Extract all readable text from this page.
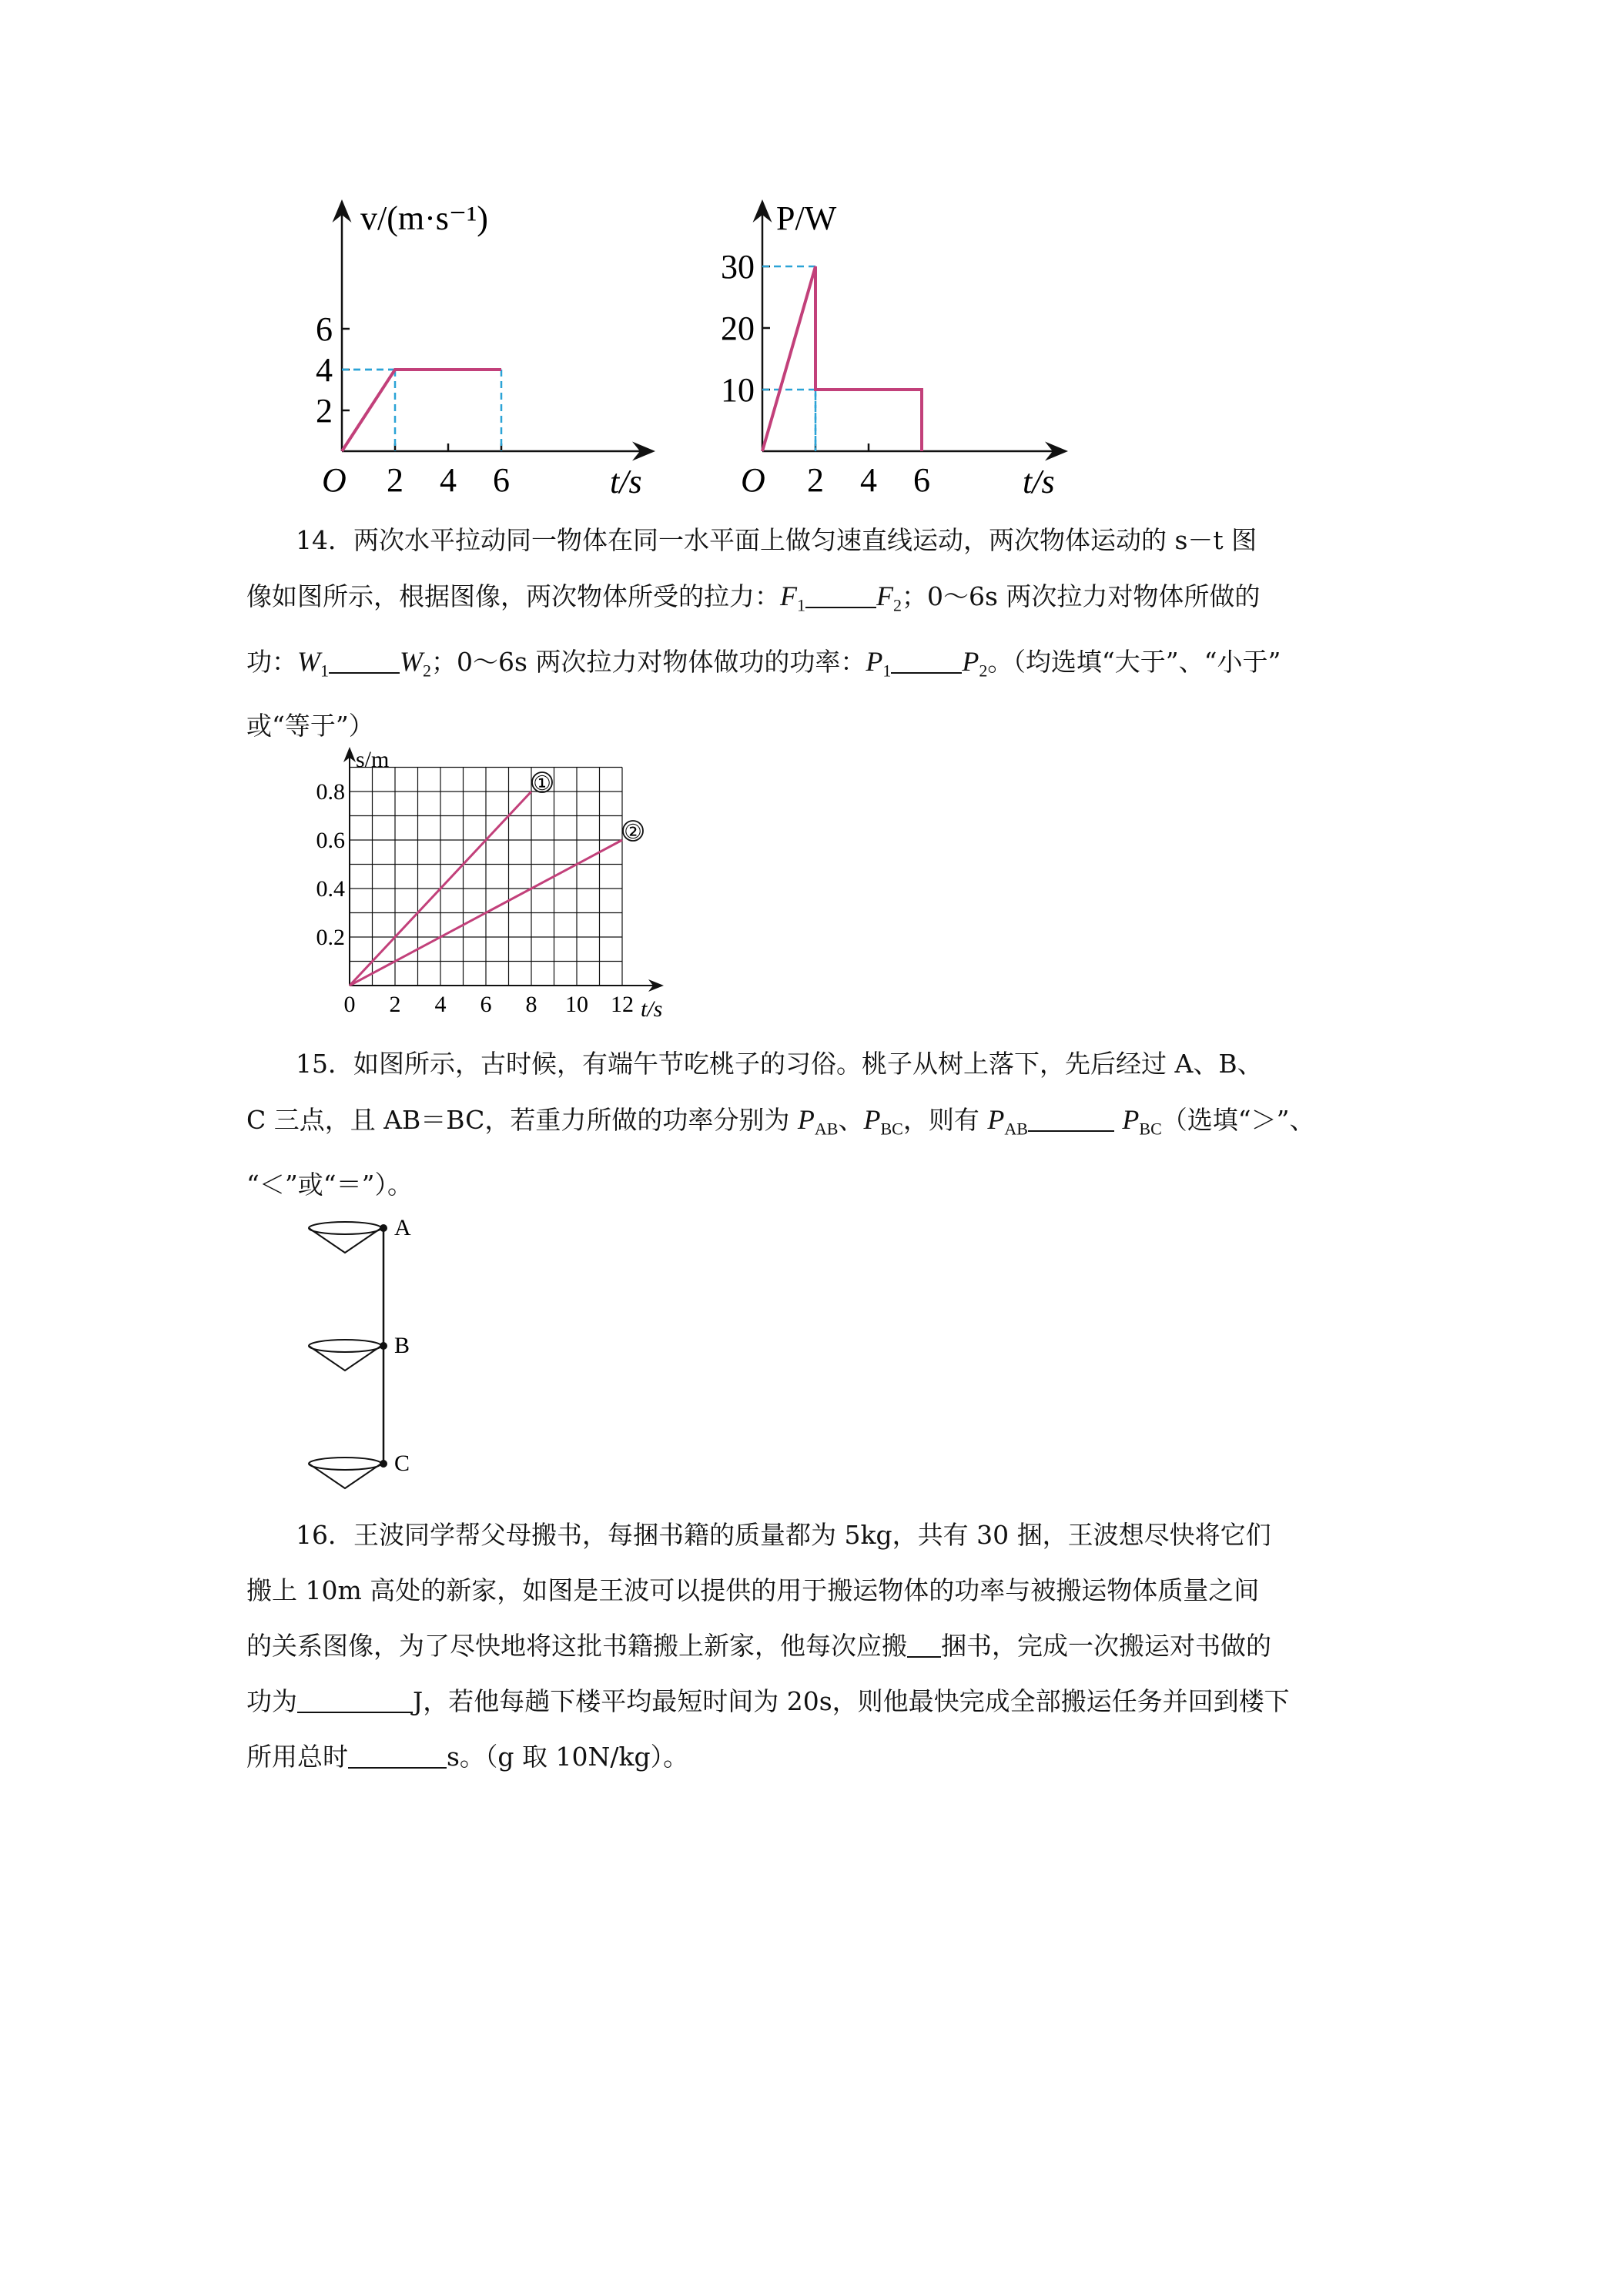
2 4 6
2
4
6
v/(m·s⁻¹)
O	t/s	2 4 6
10
20
30
P/W
O	t/s
14．两次水平拉动同一物体在同一水平面上做匀速直线运动，两次物体运动的 s－t 图
像如图所示，根据图像，两次物体所受的拉力：$F_1$	$F_2$；0～6s 两次拉力对物体所做的
功：$W_1$	$W_2$；0～6s 两次拉力对物体做功的功率：$P_1$	$P_2$。（均选填“大于”、“小于”
或“等于”）
0 2 4 6 8 10 12
0.2
0.4
0.6
0.8	①
②
s/m
t/s
15．如图所示，古时候，有端午节吃桃子的习俗。桃子从树上落下，先后经过 A、B、
C 三点，且 AB＝BC，若重力所做的功率分别为 $P_{AB}$、$P_{BC}$，则有 $P_{AB}$	$P_{BC}$（选填“＞”、
“＜”或“＝”）。
A
B
C
16．王波同学帮父母搬书，每捆书籍的质量都为 5kg，共有 30 捆，王波想尽快将它们
搬上 10m 高处的新家，如图是王波可以提供的用于搬运物体的功率与被搬运物体质量之间
的关系图像，为了尽快地将这批书籍搬上新家，他每次应搬 捆书，完成一次搬运对书做的
功为	J，若他每趟下楼平均最短时间为 20s，则他最快完成全部搬运任务并回到楼下
所用总时	s。（g 取 10N/kg）。
